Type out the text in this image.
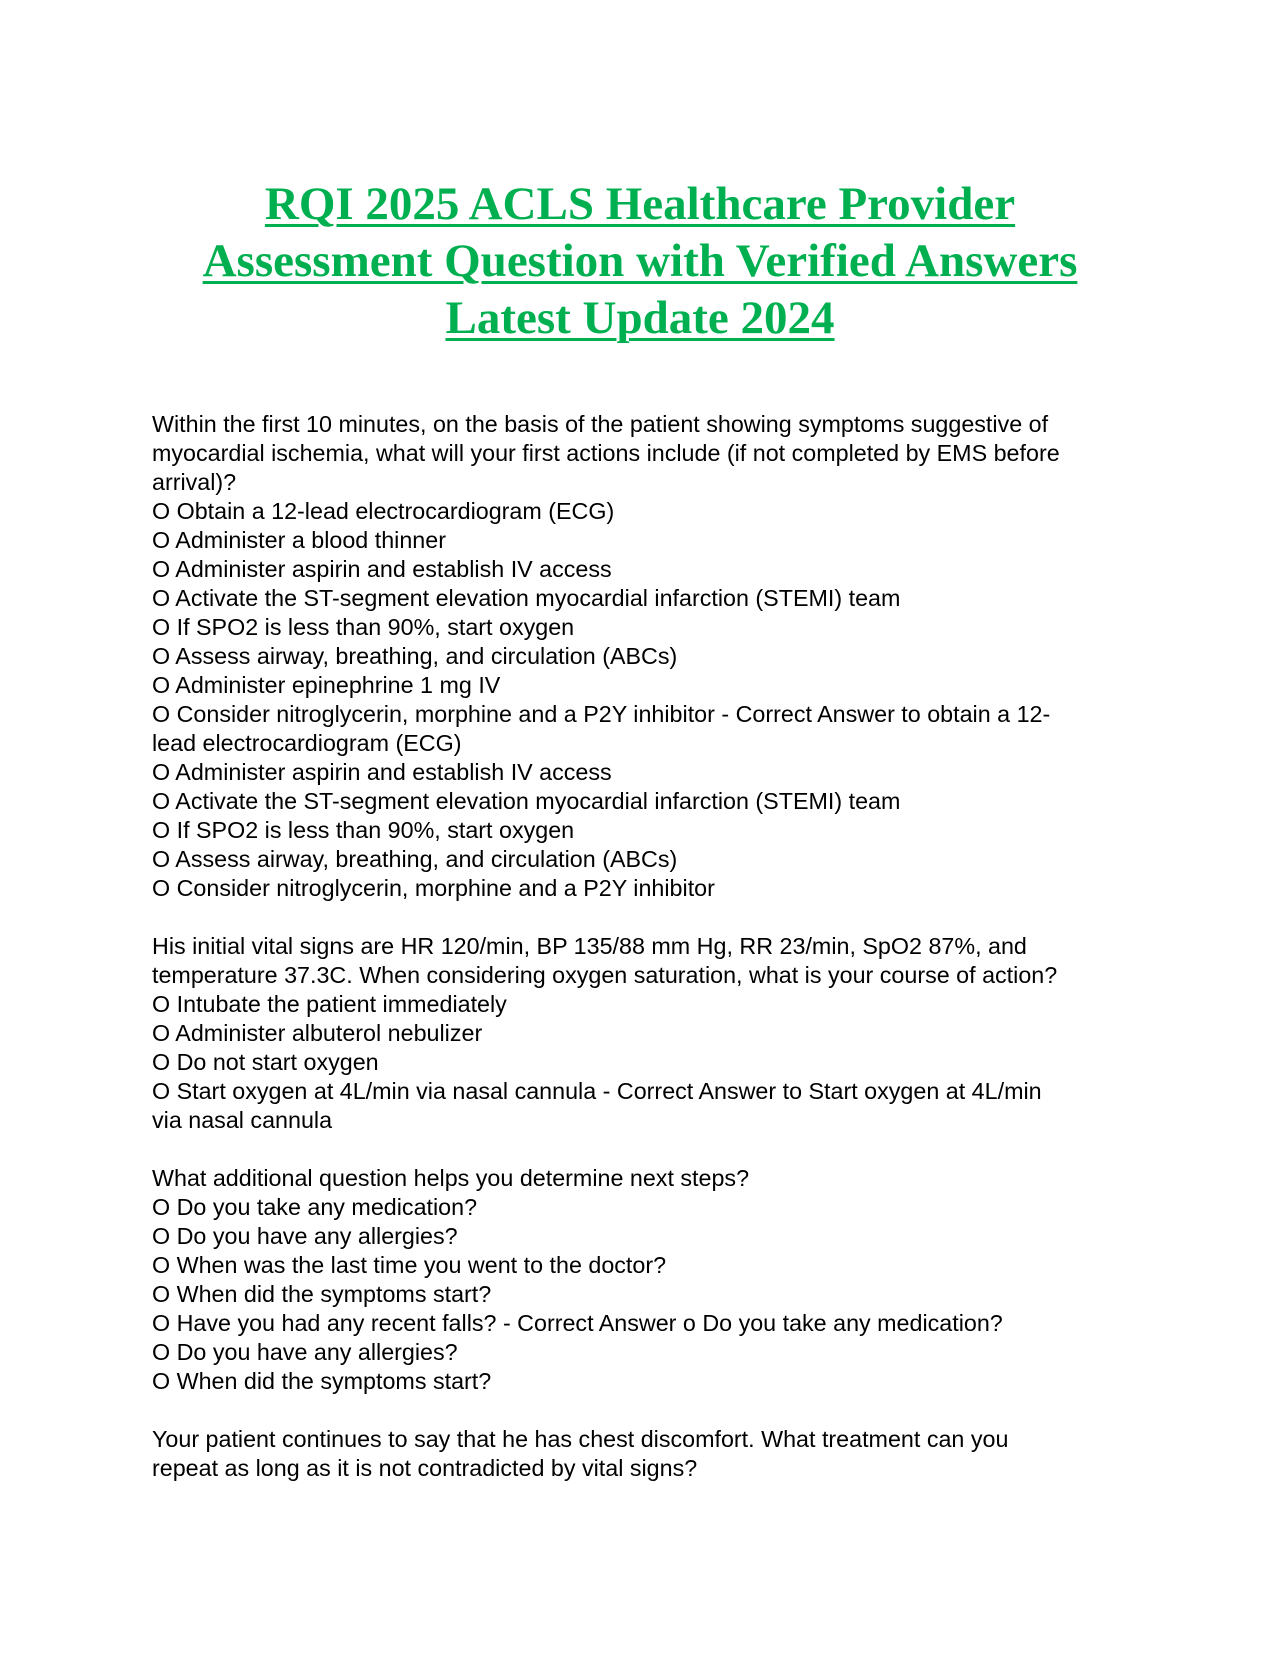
RQI 2025 ACLS Healthcare Provider
Assessment Question with Verified Answers
Latest Update 2024
Within the first 10 minutes, on the basis of the patient showing symptoms suggestive of
myocardial ischemia, what will your first actions include (if not completed by EMS before
arrival)?
O Obtain a 12-lead electrocardiogram (ECG)
O Administer a blood thinner
O Administer aspirin and establish IV access
O Activate the ST-segment elevation myocardial infarction (STEMI) team
O If SPO2 is less than 90%, start oxygen
O Assess airway, breathing, and circulation (ABCs)
O Administer epinephrine 1 mg IV
O Consider nitroglycerin, morphine and a P2Y inhibitor - Correct Answer to obtain a 12-
lead electrocardiogram (ECG)
O Administer aspirin and establish IV access
O Activate the ST-segment elevation myocardial infarction (STEMI) team
O If SPO2 is less than 90%, start oxygen
O Assess airway, breathing, and circulation (ABCs)
O Consider nitroglycerin, morphine and a P2Y inhibitor
His initial vital signs are HR 120/min, BP 135/88 mm Hg, RR 23/min, SpO2 87%, and
temperature 37.3C. When considering oxygen saturation, what is your course of action?
O Intubate the patient immediately
O Administer albuterol nebulizer
O Do not start oxygen
O Start oxygen at 4L/min via nasal cannula - Correct Answer to Start oxygen at 4L/min
via nasal cannula
What additional question helps you determine next steps?
O Do you take any medication?
O Do you have any allergies?
O When was the last time you went to the doctor?
O When did the symptoms start?
O Have you had any recent falls? - Correct Answer o Do you take any medication?
O Do you have any allergies?
O When did the symptoms start?
Your patient continues to say that he has chest discomfort. What treatment can you
repeat as long as it is not contradicted by vital signs?
